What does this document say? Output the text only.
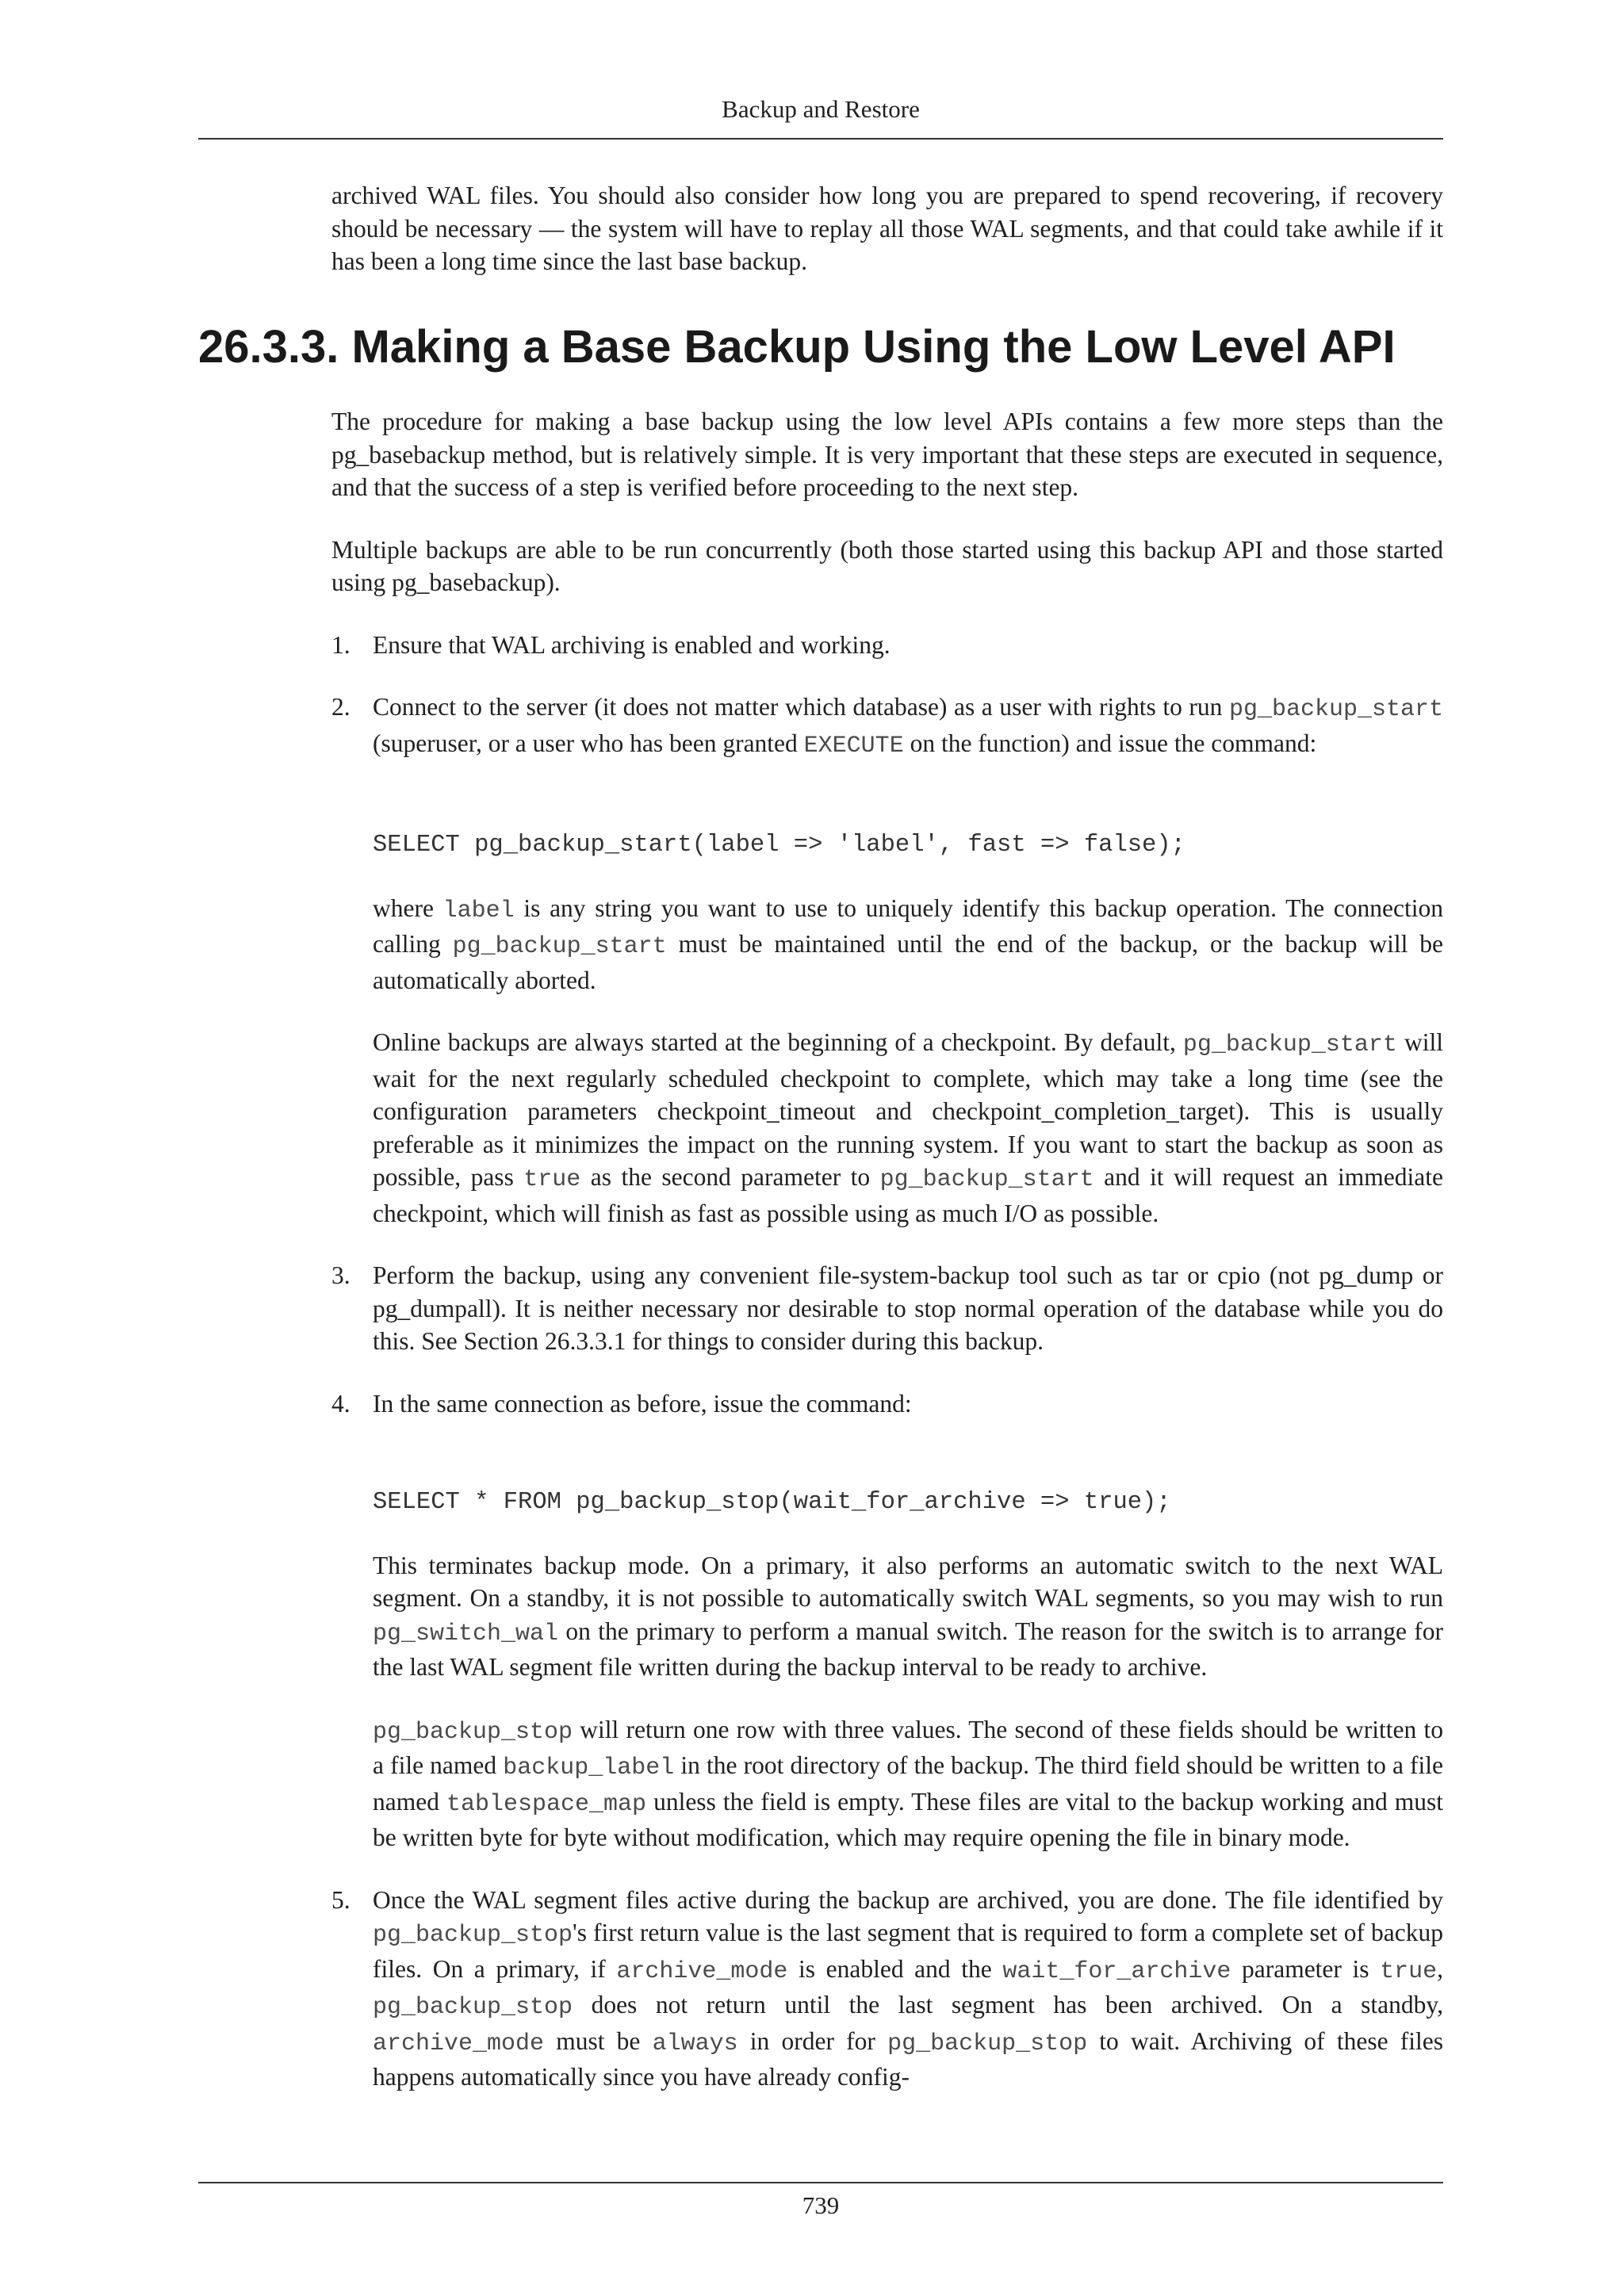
Backup and Restore

archived WAL files. You should also consider how long you are prepared to spend recovering, if recovery should be necessary — the system will have to replay all those WAL segments, and that could take awhile if it has been a long time since the last base backup.

26.3.3. Making a Base Backup Using the Low Level API

The procedure for making a base backup using the low level APIs contains a few more steps than the pg_basebackup method, but is relatively simple. It is very important that these steps are executed in sequence, and that the success of a step is verified before proceeding to the next step.

Multiple backups are able to be run concurrently (both those started using this backup API and those started using pg_basebackup).

1. Ensure that WAL archiving is enabled and working.

2. Connect to the server (it does not matter which database) as a user with rights to run pg_backup_start (superuser, or a user who has been granted EXECUTE on the function) and issue the command:

SELECT pg_backup_start(label => 'label', fast => false);

where label is any string you want to use to uniquely identify this backup operation. The connection calling pg_backup_start must be maintained until the end of the backup, or the backup will be automatically aborted.

Online backups are always started at the beginning of a checkpoint. By default, pg_backup_start will wait for the next regularly scheduled checkpoint to complete, which may take a long time (see the configuration parameters checkpoint_timeout and checkpoint_completion_target). This is usually preferable as it minimizes the impact on the running system. If you want to start the backup as soon as possible, pass true as the second parameter to pg_backup_start and it will request an immediate checkpoint, which will finish as fast as possible using as much I/O as possible.

3. Perform the backup, using any convenient file-system-backup tool such as tar or cpio (not pg_dump or pg_dumpall). It is neither necessary nor desirable to stop normal operation of the database while you do this. See Section 26.3.3.1 for things to consider during this backup.

4. In the same connection as before, issue the command:

SELECT * FROM pg_backup_stop(wait_for_archive => true);

This terminates backup mode. On a primary, it also performs an automatic switch to the next WAL segment. On a standby, it is not possible to automatically switch WAL segments, so you may wish to run pg_switch_wal on the primary to perform a manual switch. The reason for the switch is to arrange for the last WAL segment file written during the backup interval to be ready to archive.

pg_backup_stop will return one row with three values. The second of these fields should be written to a file named backup_label in the root directory of the backup. The third field should be written to a file named tablespace_map unless the field is empty. These files are vital to the backup working and must be written byte for byte without modification, which may require opening the file in binary mode.

5. Once the WAL segment files active during the backup are archived, you are done. The file identified by pg_backup_stop's first return value is the last segment that is required to form a complete set of backup files. On a primary, if archive_mode is enabled and the wait_for_archive parameter is true, pg_backup_stop does not return until the last segment has been archived. On a standby, archive_mode must be always in order for pg_backup_stop to wait. Archiving of these files happens automatically since you have already config-

739
